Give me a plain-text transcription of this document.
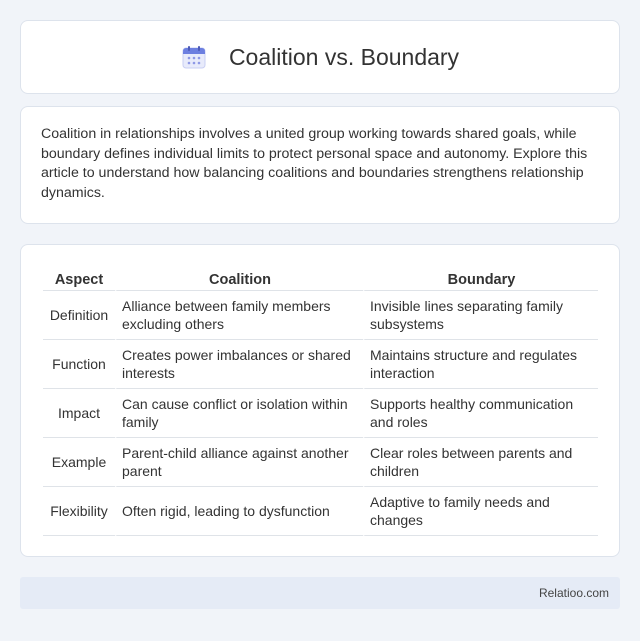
Coalition vs. Boundary

Coalition in relationships involves a united group working towards shared goals, while boundary defines individual limits to protect personal space and autonomy. Explore this article to understand how balancing coalitions and boundaries strengthens relationship dynamics.

Aspect	Coalition	Boundary
Definition	Alliance between family members excluding others	Invisible lines separating family subsystems
Function	Creates power imbalances or shared interests	Maintains structure and regulates interaction
Impact	Can cause conflict or isolation within family	Supports healthy communication and roles
Example	Parent-child alliance against another parent	Clear roles between parents and children
Flexibility	Often rigid, leading to dysfunction	Adaptive to family needs and changes
Relatioo.com
